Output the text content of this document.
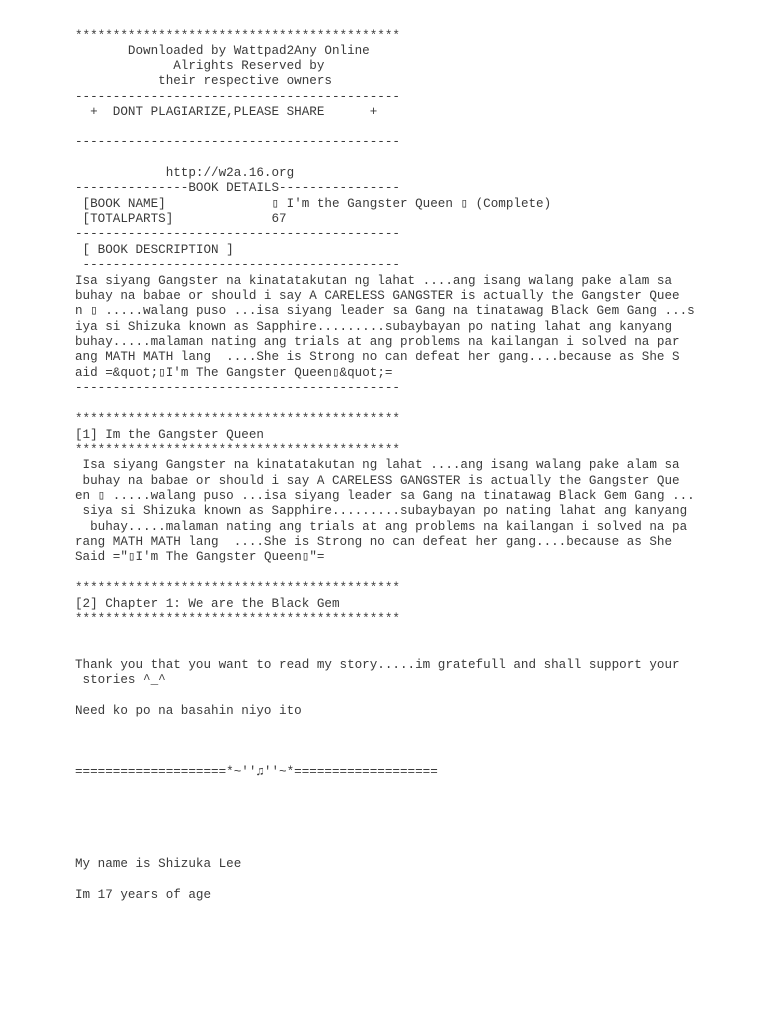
*******************************************
Downloaded by Wattpad2Any Online
Alrights Reserved by
their respective owners
-------------------------------------------
+  DONT PLAGIARIZE,PLEASE SHARE      +
-------------------------------------------
http://w2a.16.org
---------------BOOK DETAILS----------------
[BOOK NAME]              ▯ I'm the Gangster Queen ▯ (Complete)
[TOTALPARTS]             67
-------------------------------------------
[ BOOK DESCRIPTION ]
------------------------------------------
Isa siyang Gangster na kinatatakutan ng lahat ....ang isang walang pake alam sa
buhay na babae or should i say A CARELESS GANGSTER is actually the Gangster Quee
n ▯ .....walang puso ...isa siyang leader sa Gang na tinatawag Black Gem Gang ...s
iya si Shizuka known as Sapphire.........subaybayan po nating lahat ang kanyang
buhay.....malaman nating ang trials at ang problems na kailangan i solved na par
ang MATH MATH lang  ....She is Strong no can defeat her gang....because as She S
aid =&quot;▯I'm The Gangster Queen▯&quot;=
-------------------------------------------
*******************************************
[1] Im the Gangster Queen
*******************************************
Isa siyang Gangster na kinatatakutan ng lahat ....ang isang walang pake alam sa
buhay na babae or should i say A CARELESS GANGSTER is actually the Gangster Que
en ▯ .....walang puso ...isa siyang leader sa Gang na tinatawag Black Gem Gang ...
siya si Shizuka known as Sapphire.........subaybayan po nating lahat ang kanyang
buhay.....malaman nating ang trials at ang problems na kailangan i solved na pa
rang MATH MATH lang  ....She is Strong no can defeat her gang....because as She
Said ="▯I'm The Gangster Queen▯"=
*******************************************
[2] Chapter 1: We are the Black Gem
*******************************************
Thank you that you want to read my story.....im gratefull and shall support your
stories ^_^
Need ko po na basahin niyo ito
====================*~''♫''~*===================
My name is Shizuka Lee
Im 17 years of age
